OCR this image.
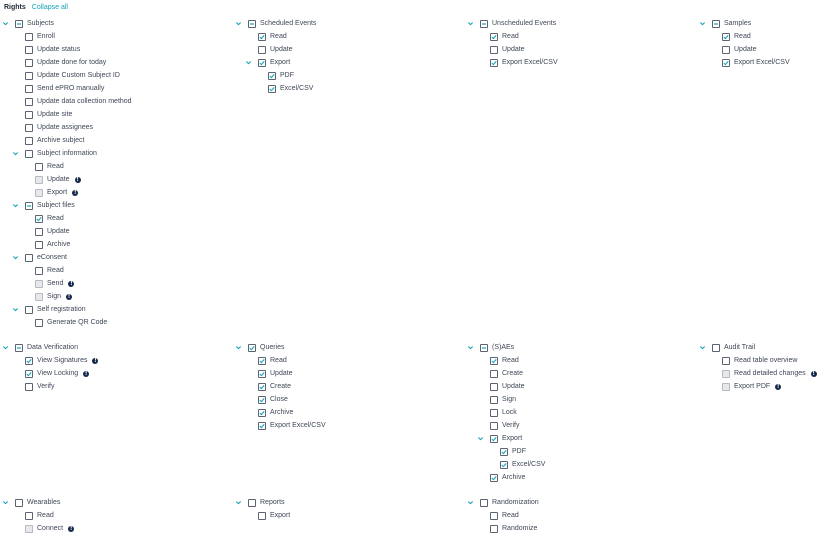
Rights Collapse all
Subjects
Enroll
Update status
Update done for today
Update Custom Subject ID
Send ePRO manually
Update data collection method
Update site
Update assignees
Archive subject
Subject information
Read
Update	!
Export	!
Subject files
Read
Update
Archive
eConsent
Read
Send	!
Sign	!
Self registration
Generate QR Code
Scheduled Events
Read
Update
Export
PDF
Excel/CSV
Unscheduled Events
Read
Update
Export Excel/CSV
Samples
Read
Update
Export Excel/CSV
Data Verification
View Signatures	!
View Locking	!
Verify
Queries
Read
Update
Create
Close
Archive
Export Excel/CSV
(S)AEs
Read
Create
Update
Sign
Lock
Verify
Export
PDF
Excel/CSV
Archive
Audit Trail
Read table overview
Read detailed changes	!
Export PDF	!
Wearables
Read
Connect	!
Reports
Export
Randomization
Read
Randomize
